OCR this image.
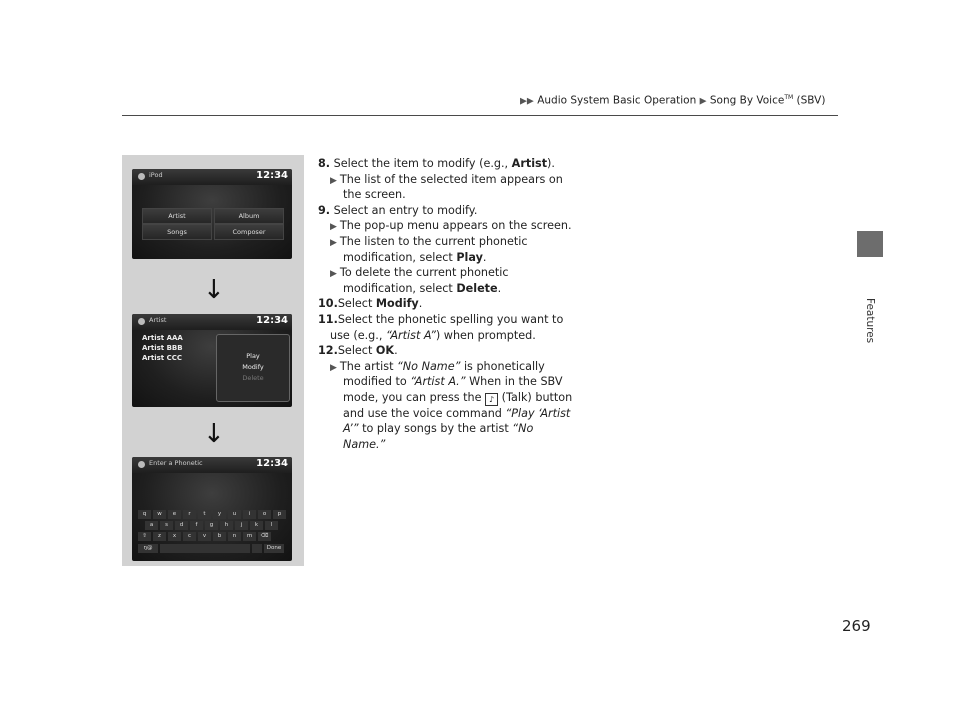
▶▶ Audio System Basic Operation ▶ Song By Voice™ (SBV)
Features
iPod	12:34
Artist	Album
Songs	Composer
↓
Artist	12:34
Artist AAA
Artist BBB
Artist CCC	Play
Modify
Delete
↓
Enter a Phonetic	12:34
q	w	e	r	t	y	u	i	o	p
a	s	d	f	g	h	j	k	l
⇧	z	x	c	v	b	n	m	⌫
ŋ@	Done
8. Select the item to modify (e.g., Artist).
▶ The list of the selected item appears on
the screen.
9. Select an entry to modify.
▶ The pop-up menu appears on the screen.
▶ The listen to the current phonetic
modification, select Play.
▶ To delete the current phonetic
modification, select Delete.
10.Select Modify.
11.Select the phonetic spelling you want to
use (e.g., “Artist A”) when prompted.
12.Select OK.
▶ The artist “No Name” is phonetically
modified to “Artist A.” When in the SBV
mode, you can press the ♪ (Talk) button
and use the voice command “Play ‘Artist
A’” to play songs by the artist “No
Name.”
269
